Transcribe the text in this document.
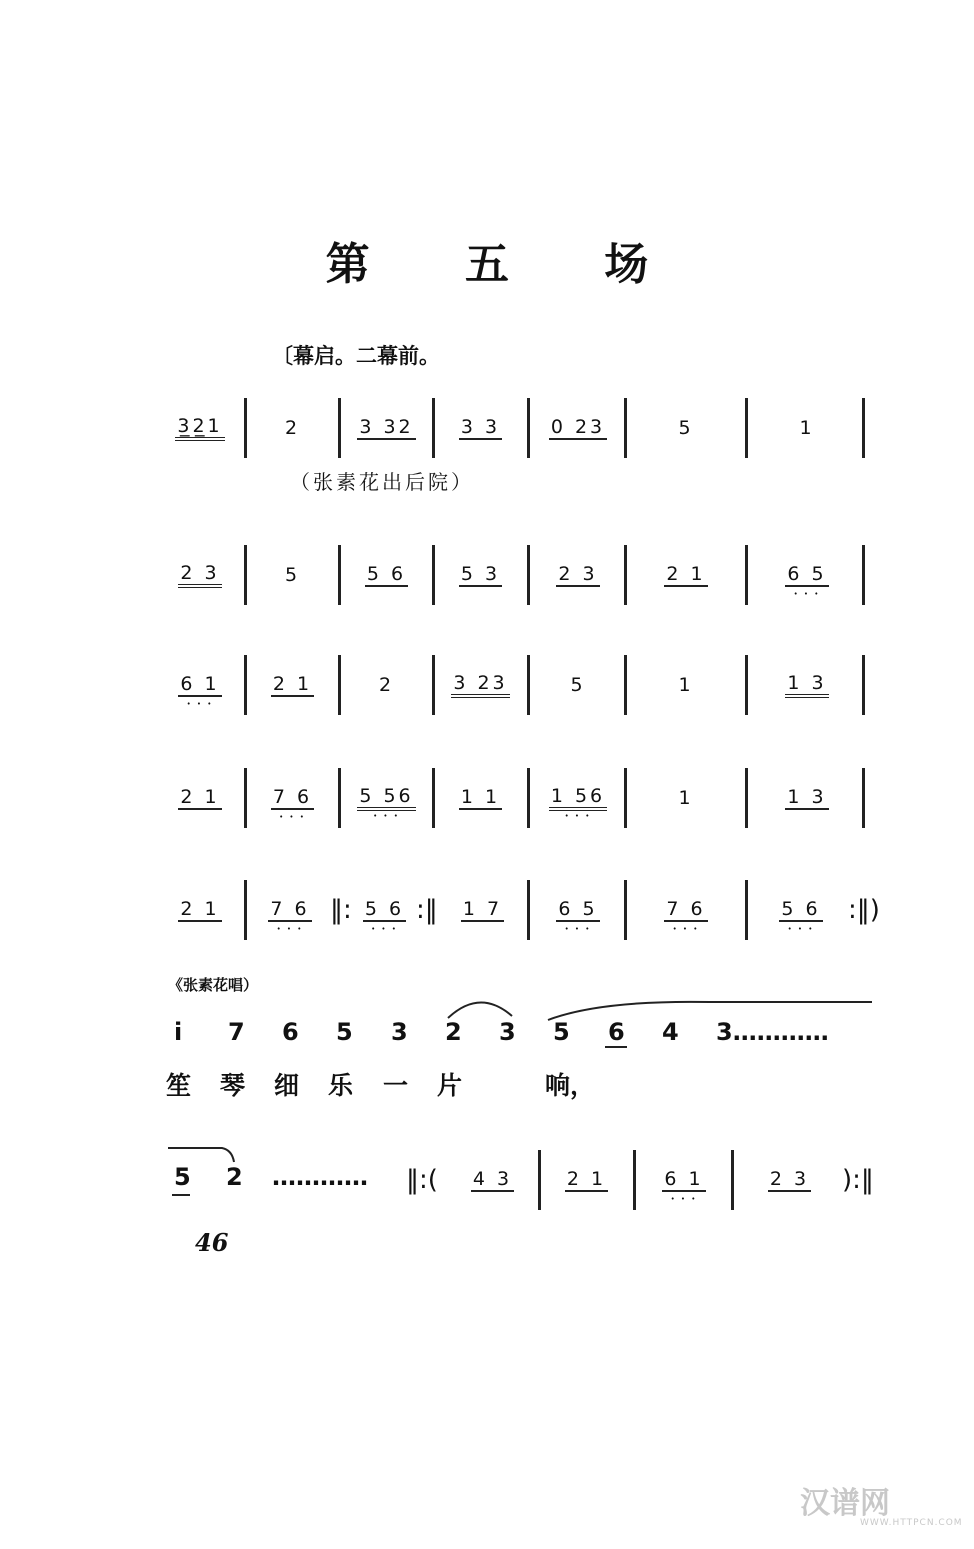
第 五 场
〔幕启。二幕前。
（张素花出后院）
3̲2̲1	2	3 32 3 3	0 23	5	1
2 3	5	5 6	5 3	2 3	2 1	6 5 • • •
6 1 • • •	2 1	2	3 23	5	1	1 3
2 1	7 6 • • • 5 56 • • • 1 1	1 56 • • •	1	1 3
2 1	7 6 • • • ‖: 5 6 • • • :‖ 1 7	6 5 • • •	7 6 • • •	5 6 • • • :‖)
《张素花唱）
i 7 6 5 3 2 3 5 6 4 3…………
笙 琴 细 乐 一 片	响，
5 2 ………… ‖:( 4 3	2 1	6 1 • • •	2 3 ):‖
46
汉谱网
WWW.HTTPCN.COM
